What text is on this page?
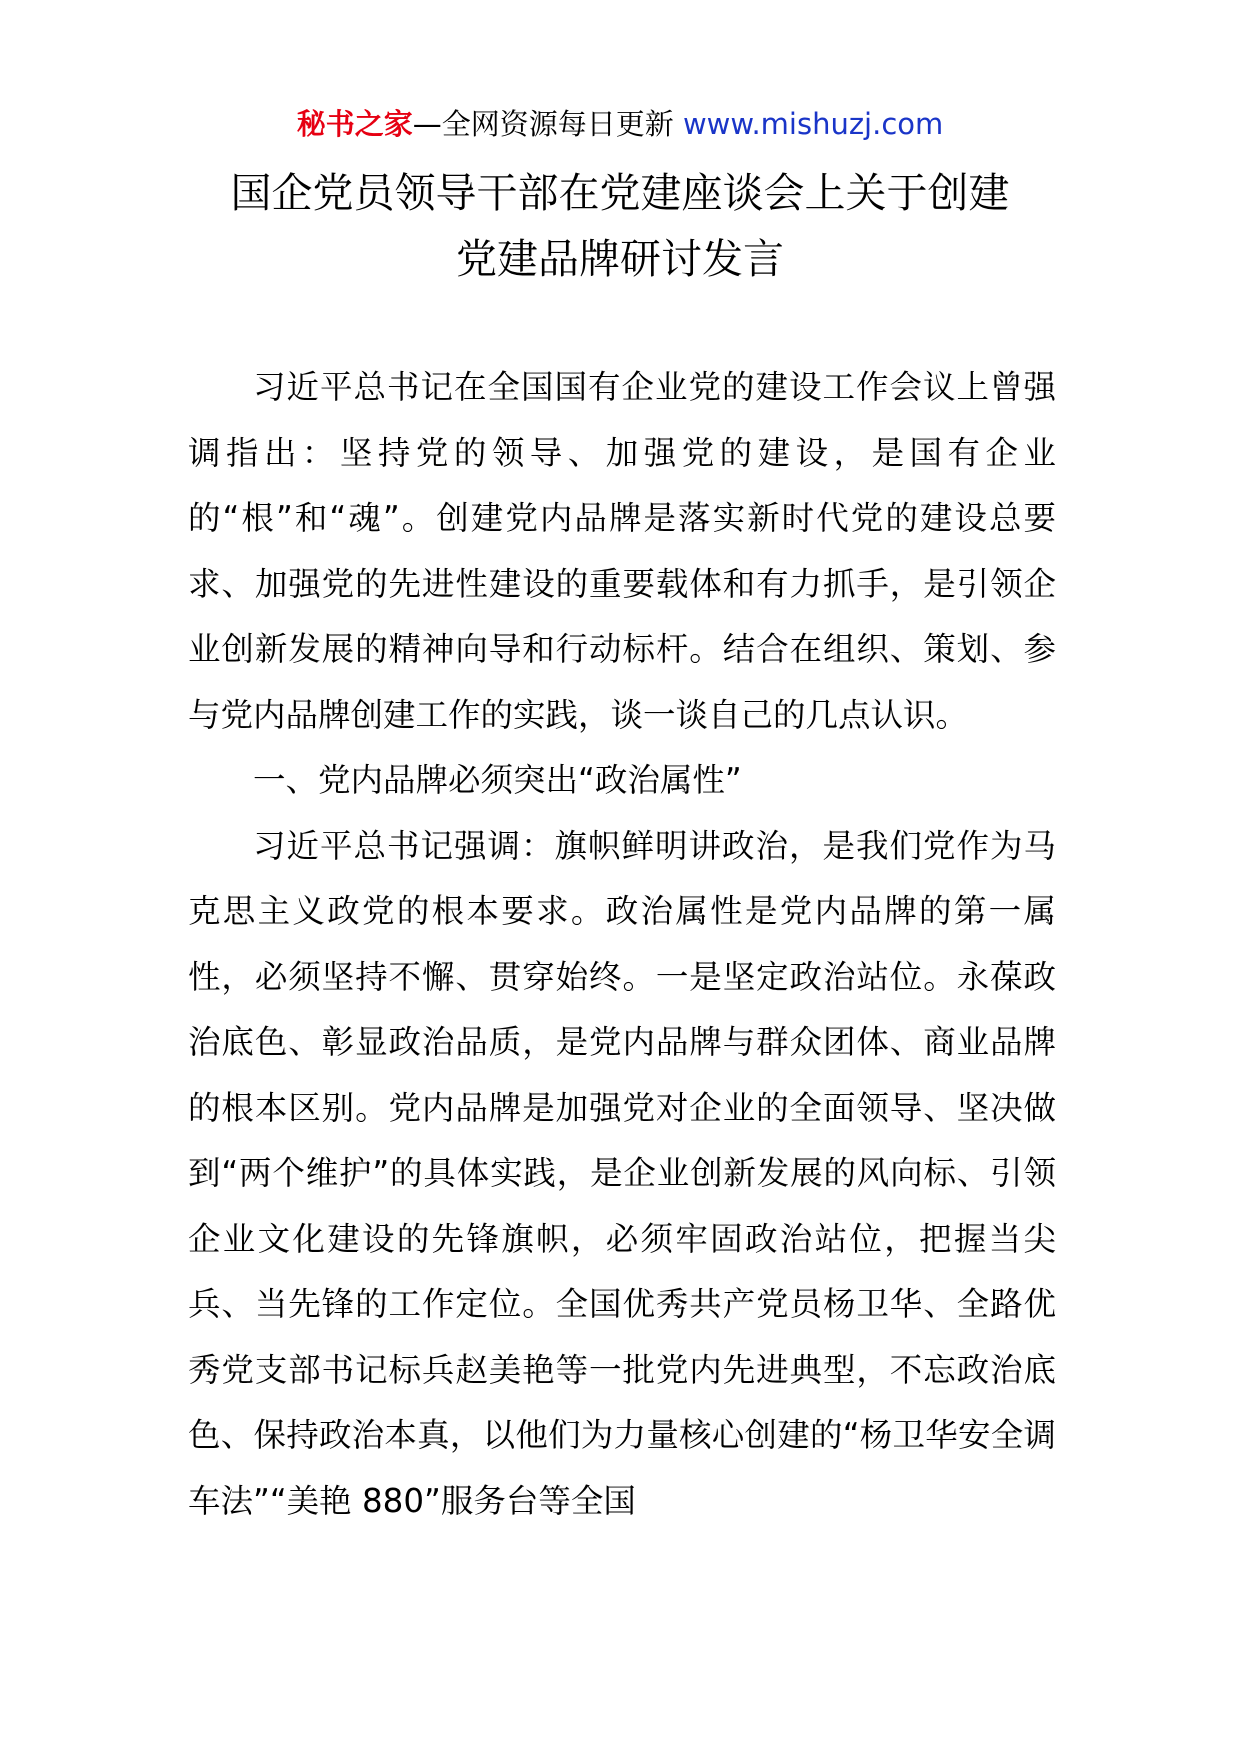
秘书之家—全网资源每日更新 www.mishuzj.com
国企党员领导干部在党建座谈会上关于创建
党建品牌研讨发言

习近平总书记在全国国有企业党的建设工作会议上曾强调指出：坚持党的领导、加强党的建设，是国有企业的“根”和“魂”。创建党内品牌是落实新时代党的建设总要求、加强党的先进性建设的重要载体和有力抓手，是引领企业创新发展的精神向导和行动标杆。结合在组织、策划、参与党内品牌创建工作的实践，谈一谈自己的几点认识。

一、党内品牌必须突出“政治属性”

习近平总书记强调：旗帜鲜明讲政治，是我们党作为马克思主义政党的根本要求。政治属性是党内品牌的第一属性，必须坚持不懈、贯穿始终。一是坚定政治站位。永葆政治底色、彰显政治品质，是党内品牌与群众团体、商业品牌的根本区别。党内品牌是加强党对企业的全面领导、坚决做到“两个维护”的具体实践，是企业创新发展的风向标、引领企业文化建设的先锋旗帜，必须牢固政治站位，把握当尖兵、当先锋的工作定位。全国优秀共产党员杨卫华、全路优秀党支部书记标兵赵美艳等一批党内先进典型，不忘政治底色、保持政治本真，以他们为力量核心创建的“杨卫华安全调车法”“美艳 880”服务台等全国
